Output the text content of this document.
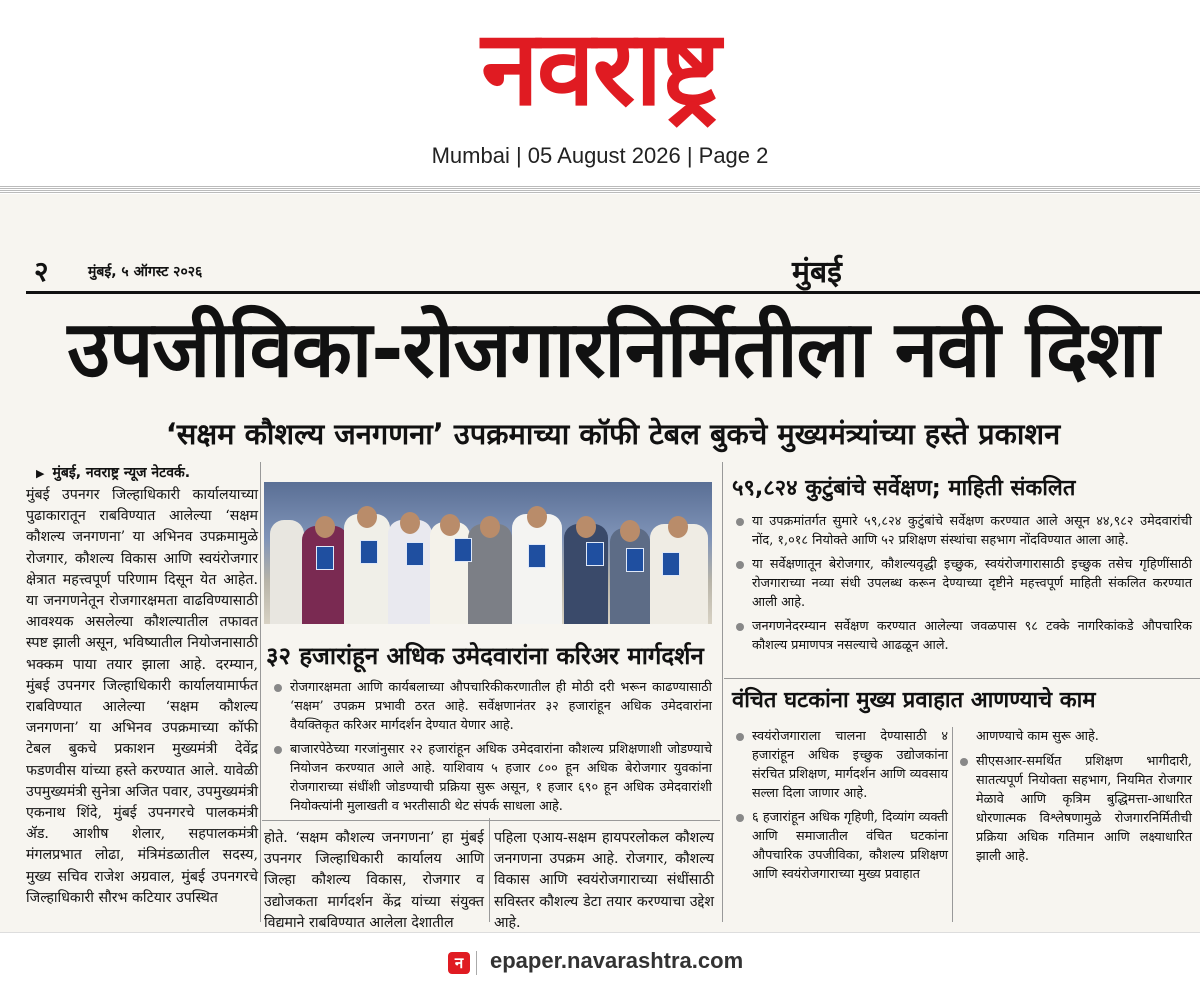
नवराष्ट्र
Mumbai | 05 August 2026 | Page 2
२	मुंबई, ५ ऑगस्ट २०२६	मुंबई
उपजीविका-रोजगारनिर्मितीला नवी दिशा
‘सक्षम कौशल्य जनगणना’ उपक्रमाच्या कॉफी टेबल बुकचे मुख्यमंत्र्यांच्या हस्ते प्रकाशन
▶ मुंबई, नवराष्ट्र न्यूज नेटवर्क.
मुंबई उपनगर जिल्हाधिकारी कार्यालयाच्या पुढाकारातून राबविण्यात आलेल्या ‘सक्षम कौशल्य जनगणना’ या अभिनव उपक्रमामुळे रोजगार, कौशल्य विकास आणि स्वयंरोजगार क्षेत्रात महत्त्वपूर्ण परिणाम दिसून येत आहेत. या जनगणनेतून रोजगारक्षमता वाढविण्यासाठी आवश्यक असलेल्या कौशल्यातील तफावत स्पष्ट झाली असून, भविष्यातील नियोजनासाठी भक्कम पाया तयार झाला आहे. दरम्यान, मुंबई उपनगर जिल्हाधिकारी कार्यालयामार्फत राबविण्यात आलेल्या ‘सक्षम कौशल्य जनगणना’ या अभिनव उपक्रमाच्या कॉफी टेबल बुकचे प्रकाशन मुख्यमंत्री देवेंद्र फडणवीस यांच्या हस्ते करण्यात आले. यावेळी उपमुख्यमंत्री सुनेत्रा अजित पवार, उपमुख्यमंत्री एकनाथ शिंदे, मुंबई उपनगरचे पालकमंत्री ॲड. आशीष शेलार, सहपालकमंत्री मंगलप्रभात लोढा, मंत्रिमंडळातील सदस्य, मुख्य सचिव राजेश अग्रवाल, मुंबई उपनगरचे जिल्हाधिकारी सौरभ कटियार उपस्थित
३२ हजारांहून अधिक उमेदवारांना करिअर मार्गदर्शन
रोजगारक्षमता आणि कार्यबलाच्या औपचारिकीकरणातील ही मोठी दरी भरून काढण्यासाठी ‘सक्षम’ उपक्रम प्रभावी ठरत आहे. सर्वेक्षणानंतर ३२ हजारांहून अधिक उमेदवारांना वैयक्तिकृत करिअर मार्गदर्शन देण्यात येणार आहे.
बाजारपेठेच्या गरजांनुसार २२ हजारांहून अधिक उमेदवारांना कौशल्य प्रशिक्षणाशी जोडण्याचे नियोजन करण्यात आले आहे. याशिवाय ५ हजार ८०० हून अधिक बेरोजगार युवकांना रोजगाराच्या संधींशी जोडण्याची प्रक्रिया सुरू असून, १ हजार ६९० हून अधिक उमेदवारांशी नियोक्त्यांनी मुलाखती व भरतीसाठी थेट संपर्क साधला आहे.
होते. ‘सक्षम कौशल्य जनगणना’ हा मुंबई उपनगर जिल्हाधिकारी कार्यालय आणि जिल्हा कौशल्य विकास, रोजगार व उद्योजकता मार्गदर्शन केंद्र यांच्या संयुक्त विद्यमाने राबविण्यात आलेला देशातील
पहिला एआय-सक्षम हायपरलोकल कौशल्य जनगणना उपक्रम आहे. रोजगार, कौशल्य विकास आणि स्वयंरोजगाराच्या संधींसाठी सविस्तर कौशल्य डेटा तयार करण्याचा उद्देश आहे.
५९,८२४ कुटुंबांचे सर्वेक्षण; माहिती संकलित
या उपक्रमांतर्गत सुमारे ५९,८२४ कुटुंबांचे सर्वेक्षण करण्यात आले असून ४४,९८२ उमेदवारांची नोंद, १,०१८ नियोक्ते आणि ५२ प्रशिक्षण संस्थांचा सहभाग नोंदविण्यात आला आहे.
या सर्वेक्षणातून बेरोजगार, कौशल्यवृद्धी इच्छुक, स्वयंरोजगारासाठी इच्छुक तसेच गृहिणींसाठी रोजगाराच्या नव्या संधी उपलब्ध करून देण्याच्या दृष्टीने महत्त्वपूर्ण माहिती संकलित करण्यात आली आहे.
जनगणनेदरम्यान सर्वेक्षण करण्यात आलेल्या जवळपास ९८ टक्के नागरिकांकडे औपचारिक कौशल्य प्रमाणपत्र नसल्याचे आढळून आले.
वंचित घटकांना मुख्य प्रवाहात आणण्याचे काम
स्वयंरोजगाराला चालना देण्यासाठी ४ हजारांहून अधिक इच्छुक उद्योजकांना संरचित प्रशिक्षण, मार्गदर्शन आणि व्यवसाय सल्ला दिला जाणार आहे.
६ हजारांहून अधिक गृहिणी, दिव्यांग व्यक्ती आणि समाजातील वंचित घटकांना औपचारिक उपजीविका, कौशल्य प्रशिक्षण आणि स्वयंरोजगाराच्या मुख्य प्रवाहात
आणण्याचे काम सुरू आहे.
सीएसआर-समर्थित प्रशिक्षण भागीदारी, सातत्यपूर्ण नियोक्ता सहभाग, नियमित रोजगार मेळावे आणि कृत्रिम बुद्धिमत्ता-आधारित धोरणात्मक विश्लेषणामुळे रोजगारनिर्मितीची प्रक्रिया अधिक गतिमान आणि लक्ष्याधारित झाली आहे.
न	epaper.navarashtra.com
